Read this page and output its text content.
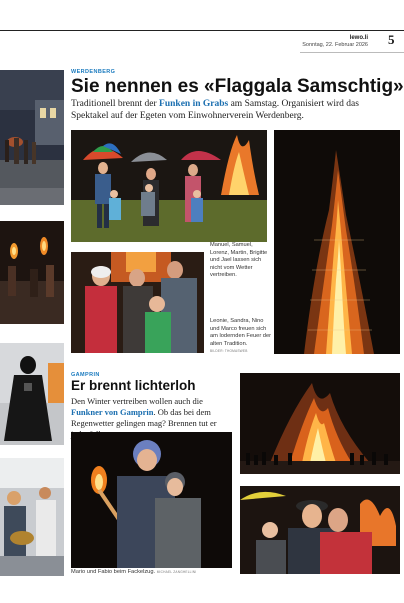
lewo.li
Sonntag, 22. Februar 2026 5
WERDENBERG
Sie nennen es «Flaggala Samschtig»
Traditionell brennt der Funken in Grabs am Samstag. Organisiert wird das Spektakel auf der Egeten vom Einwohnerverein Werdenberg.
Manuel, Samuel, Lorenz, Martin, Brigitte und Jael lassen sich nicht vom Wetter vertreiben.
Leonie, Sandra, Nino und Marco freuen sich am lodernden Feuer der alten Tradition.
BILDER: THOMASWEB
GAMPRIN
Er brennt lichterloh
Den Winter vertreiben wollen auch die Funkner von Gamprin. Ob das bei dem Regenwetter gelingen mag? Brennen tut er
Mario und Fabio beim Fackelzug. MICHAEL ZANGHELLINI
